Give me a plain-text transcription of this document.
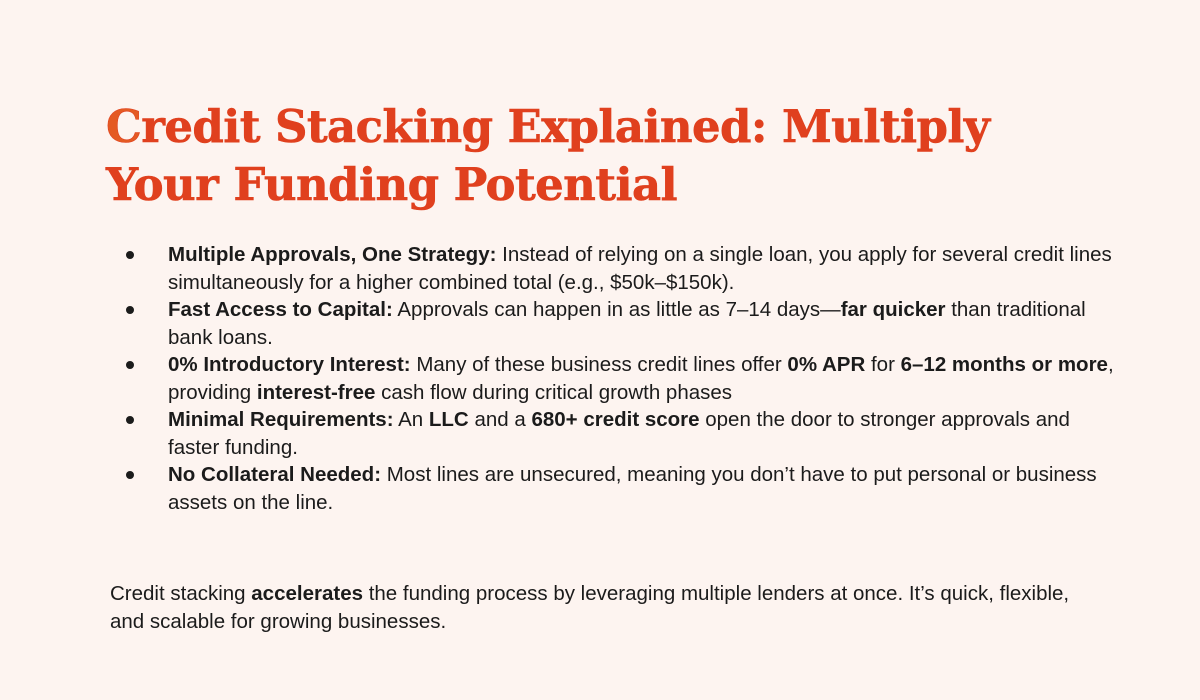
Credit Stacking Explained: Multiply Your Funding Potential
Multiple Approvals, One Strategy: Instead of relying on a single loan, you apply for several credit lines simultaneously for a higher combined total (e.g., $50k–$150k).
Fast Access to Capital: Approvals can happen in as little as 7–14 days—far quicker than traditional bank loans.
0% Introductory Interest: Many of these business credit lines offer 0% APR for 6–12 months or more, providing interest-free cash flow during critical growth phases
Minimal Requirements: An LLC and a 680+ credit score open the door to stronger approvals and faster funding.
No Collateral Needed: Most lines are unsecured, meaning you don’t have to put personal or business assets on the line.

Credit stacking accelerates the funding process by leveraging multiple lenders at once. It’s quick, flexible, and scalable for growing businesses.
